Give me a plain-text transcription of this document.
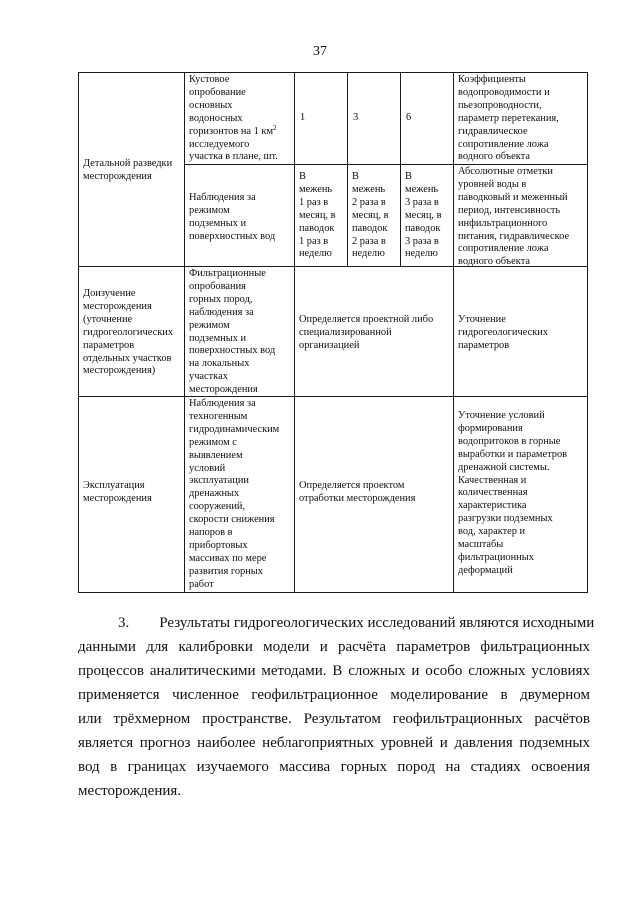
37
Детальной разведки
месторождения
Кустовое
опробование
основных
водоносных
горизонтов на 1 $км^2$
исследуемого
участка в плане, шт.
1	3	6
Коэффициенты
водопроводимости и
пьезопроводности,
параметр перетекания,
гидравлическое
сопротивление ложа
водного объекта
Наблюдения за
режимом
подземных и
поверхностных вод
В
межень
1 раз в
месяц, в
паводок
1 раз в
неделю
В
межень
2 раза в
месяц, в
паводок
2 раза в
неделю
В
межень
3 раза в
месяц, в
паводок
3 раза в
неделю
Абсолютные отметки
уровней воды в
паводковый и меженный
период, интенсивность
инфильтрационного
питания, гидравлическое
сопротивление ложа
водного объекта
Доизучение
месторождения
(уточнение
гидрогеологических
параметров
отдельных участков
месторождения)
Фильтрационные
опробования
горных пород,
наблюдения за
режимом
подземных и
поверхностных вод
на локальных
участках
месторождения
Определяется проектной либо
специализированной
организацией
Уточнение
гидрогеологических
параметров
Эксплуатация
месторождения
Наблюдения за
техногенным
гидродинамическим
режимом с
выявлением
условий
эксплуатации
дренажных
сооружений,
скорости снижения
напоров в
прибортовых
массивах по мере
развития горных
работ
Определяется проектом
отработки месторождения
Уточнение условий
формирования
водопритоков в горные
выработки и параметров
дренажной системы.
Качественная и
количественная
характеристика
разгрузки подземных
вод, характер и
масштабы
фильтрационных
деформаций
3.  Результаты гидрогеологических исследований являются исходными
данными для калибровки модели и расчёта параметров фильтрационных
процессов аналитическими методами. В сложных и особо сложных условиях
применяется численное геофильтрационное моделирование в двумерном
или трёхмерном пространстве. Результатом геофильтрационных расчётов
является прогноз наиболее неблагоприятных уровней и давления подземных
вод в границах изучаемого массива горных пород на стадиях освоения
месторождения.
